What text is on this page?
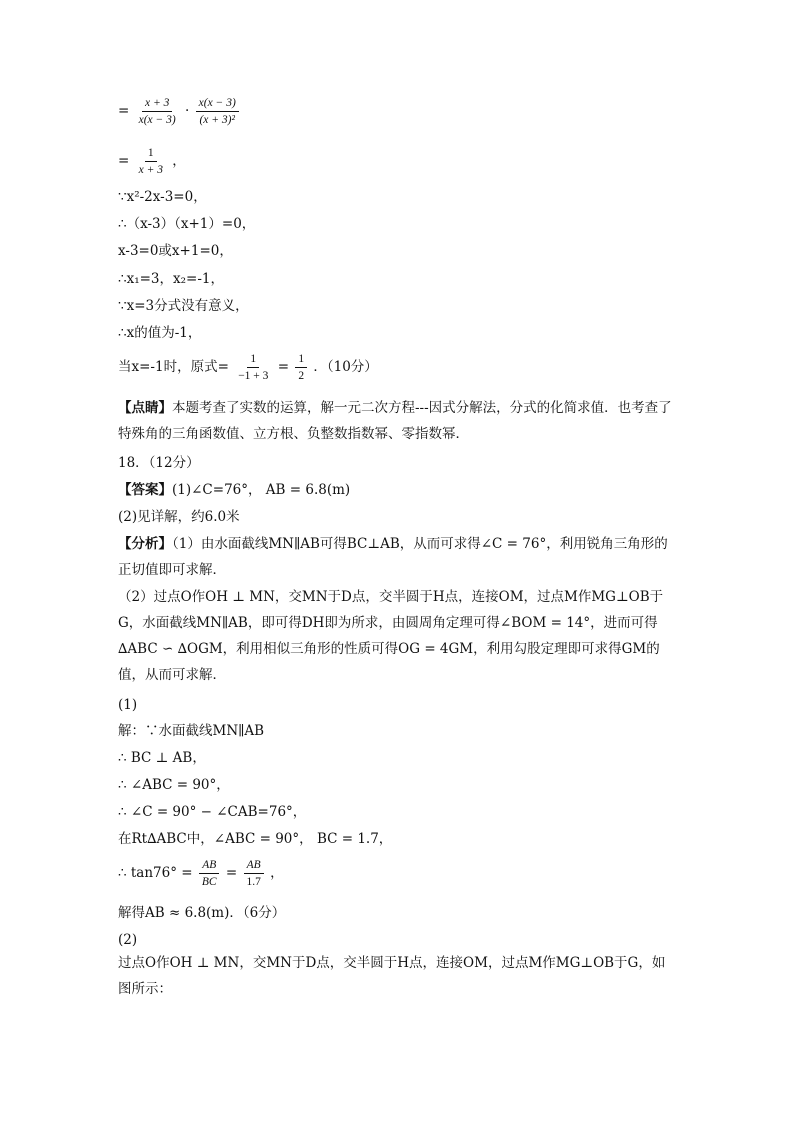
= $\frac{x + 3}{x(x - 3)} \cdot \frac{x(x - 3)}{\text{(x + 3)²}}$
= $\frac{1}{x + 3}$ ，
∵x²-2x-3=0，
∴（x-3）（x+1）=0，
x-3=0或x+1=0，
∴x₁=3，x₂=-1，
∵x=3分式没有意义，
∴x的值为-1，
当x=-1时，原式= $\frac{1}{-1 + 3} = \frac{1}{2}$ ．（10分）
【点睛】本题考查了实数的运算，解一元二次方程---因式分解法，分式的化简求值．也考查了特殊角的三角函数值、立方根、负整数指数幂、零指数幂．
18．（12分）
【答案】(1)∠C=76°， AB = 6.8(m)
(2)见详解，约6.0米
【分析】（1）由水面截线MN∥AB可得BC⊥AB，从而可求得∠C = 76°，利用锐角三角形的正切值即可求解．
（2）过点O作OH ⊥ MN，交MN于D点，交半圆于H点，连接OM，过点M作MG⊥OB于G，水面截线MN∥AB，即可得DH即为所求，由圆周角定理可得∠BOM = 14°，进而可得∆ABC ∽ ∆OGM，利用相似三角形的性质可得OG = 4GM，利用勾股定理即可求得GM的值，从而可求解．
(1)
解：∵水面截线MN∥AB
∴ BC ⊥ AB，
∴ ∠ABC = 90°，
∴ ∠C = 90° − ∠CAB=76°，
在Rt∆ABC中，∠ABC = 90°， BC = 1.7，
∴ $\tan 76^\circ = \frac{AB}{BC} = \frac{AB}{1.7}$ ，
解得AB ≈ 6.8(m)．（6分）
(2)
过点O作OH ⊥ MN，交MN于D点，交半圆于H点，连接OM，过点M作MG⊥OB于G，如图所示：
